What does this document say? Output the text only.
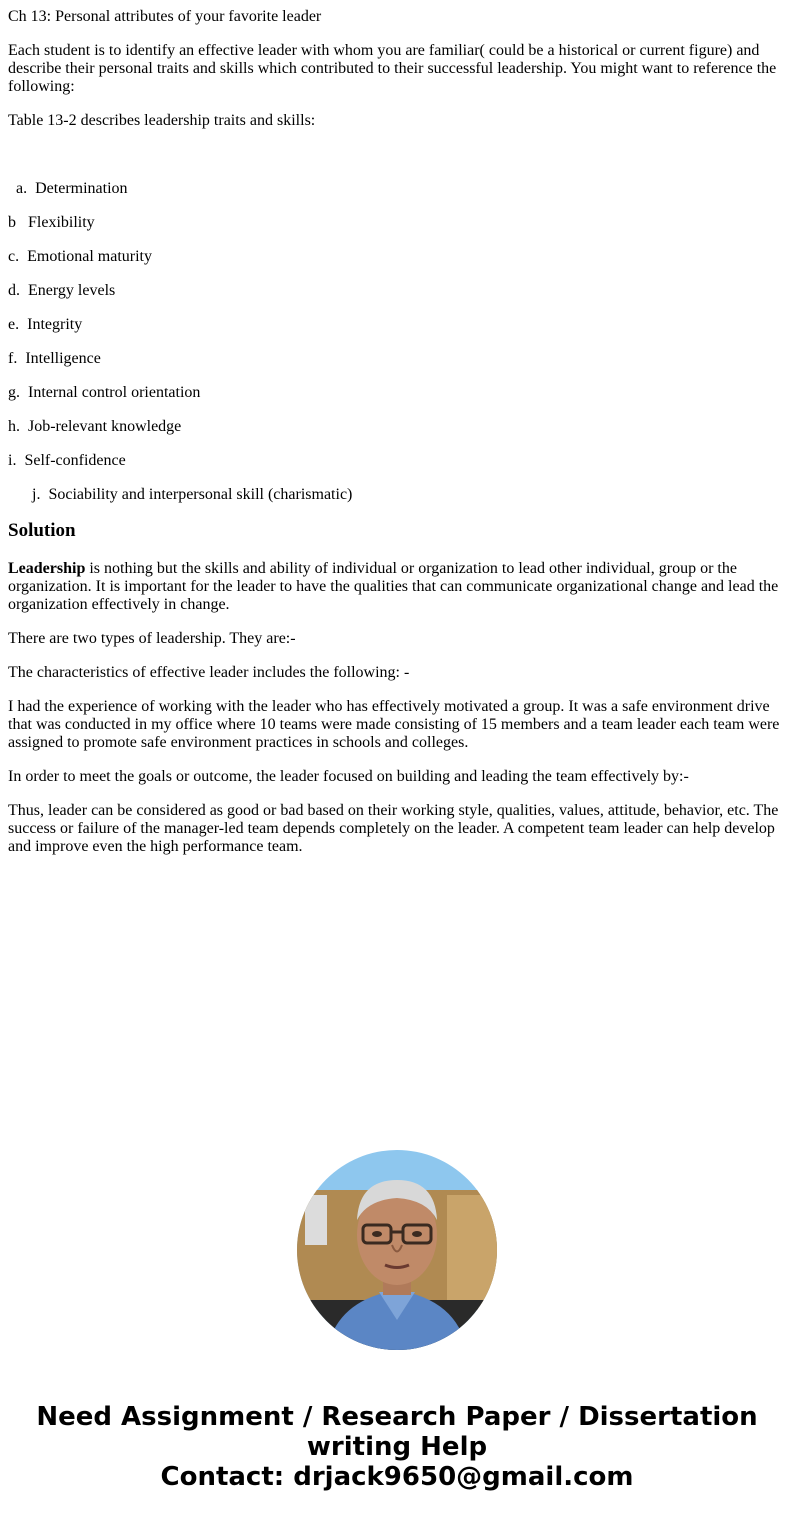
Ch 13: Personal attributes of your favorite leader

Each student is to identify an effective leader with whom you are familiar( could be a historical or current figure) and describe their personal traits and skills which contributed to their successful leadership. You might want to reference the following:

Table 13-2 describes leadership traits and skills:

a. Determination

b Flexibility

c. Emotional maturity

d. Energy levels

e. Integrity

f. Intelligence

g. Internal control orientation

h. Job-relevant knowledge

i. Self-confidence

j. Sociability and interpersonal skill (charismatic)

Solution

Leadership is nothing but the skills and ability of individual or organization to lead other individual, group or the organization. It is important for the leader to have the qualities that can communicate organizational change and lead the organization effectively in change.

There are two types of leadership. They are:-

The characteristics of effective leader includes the following: -

I had the experience of working with the leader who has effectively motivated a group. It was a safe environment drive that was conducted in my office where 10 teams were made consisting of 15 members and a team leader each team were assigned to promote safe environment practices in schools and colleges.

In order to meet the goals or outcome, the leader focused on building and leading the team effectively by:-

Thus, leader can be considered as good or bad based on their working style, qualities, values, attitude, behavior, etc. The success or failure of the manager-led team depends completely on the leader. A competent team leader can help develop and improve even the high performance team.

Need Assignment / Research Paper / Dissertation
writing Help
Contact: drjack9650@gmail.com
